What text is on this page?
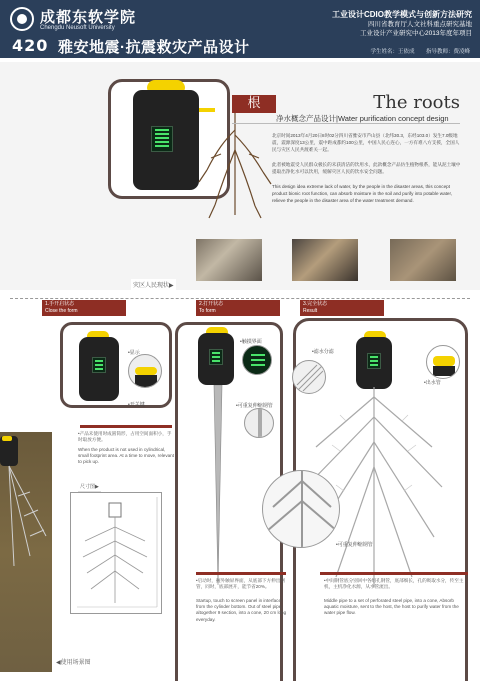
成都东软学院
Chengdu Neusoft University
工业设计CDIO教学模式与创新方法研究
四川省教育厅人文社科重点研究基地
工业设计产业研究中心2013年度年项目
420 雅安地震·抗震救灾产品设计	学生姓名：王依成 指导教师：费凌峰
根	The roots
净水概念产品设计|Water purification concept design
北京时间2013年4月20日8时02分四川省雅安市芦山县（北纬30.3，东经103.0）发生7.0级地震，震源深度13公里，震中距成都约100公里，中国人民心连心，一方有难八方支援，全国人民与灾区人民共渡难关一起。
此者被地震受人民群众极长的未获清洁的饮用水，此款概念产品仿生植物根系，能从泥土壤中提取出净化水可以饮用，缓解灾区人民的饮水安全问题。
This design idea extreme lack of water, by the people in the disaster areas, this concept product bionic root function, can absorb moisture in the soil and purify into potable water, relieve the people in the disaster area of the water treatment demand.
灾区人民现状▶
1.手开启状态
Close the form
2.打开状态
To form
3.完全状态
Result
•显示
•开关键
•产品未使用时成圆筒形，占用空间面积小，手时取放方便。
When the product is not used in cylindrical, small footprint area. At a time to move, relevant to pick up.
尺寸图▶
•触摸界面
•可重复伸缩钢管
•启动时，握外触屏界面，从底部下方伸出钢管，同时，底部展开，能节省20%。
Startup, touch to screen panel in interface from the cylinder bottom. Out of steel pipe, altogether 9 section, into a cone, 20 cm long everyday.
•滤水分滤
•出水管
•可重复伸缩钢管
•中间钢管底分别回中各组孔钢管，底部细长，孔的吸取水分，传至主机，主机净化水源，从水管流出。
Middle pipe to a set of perforated steel pipe, into a cone, Absorb aquatic moisture, sent to the host, the host to purify water from the water pipe flow.
◀使用场景图
